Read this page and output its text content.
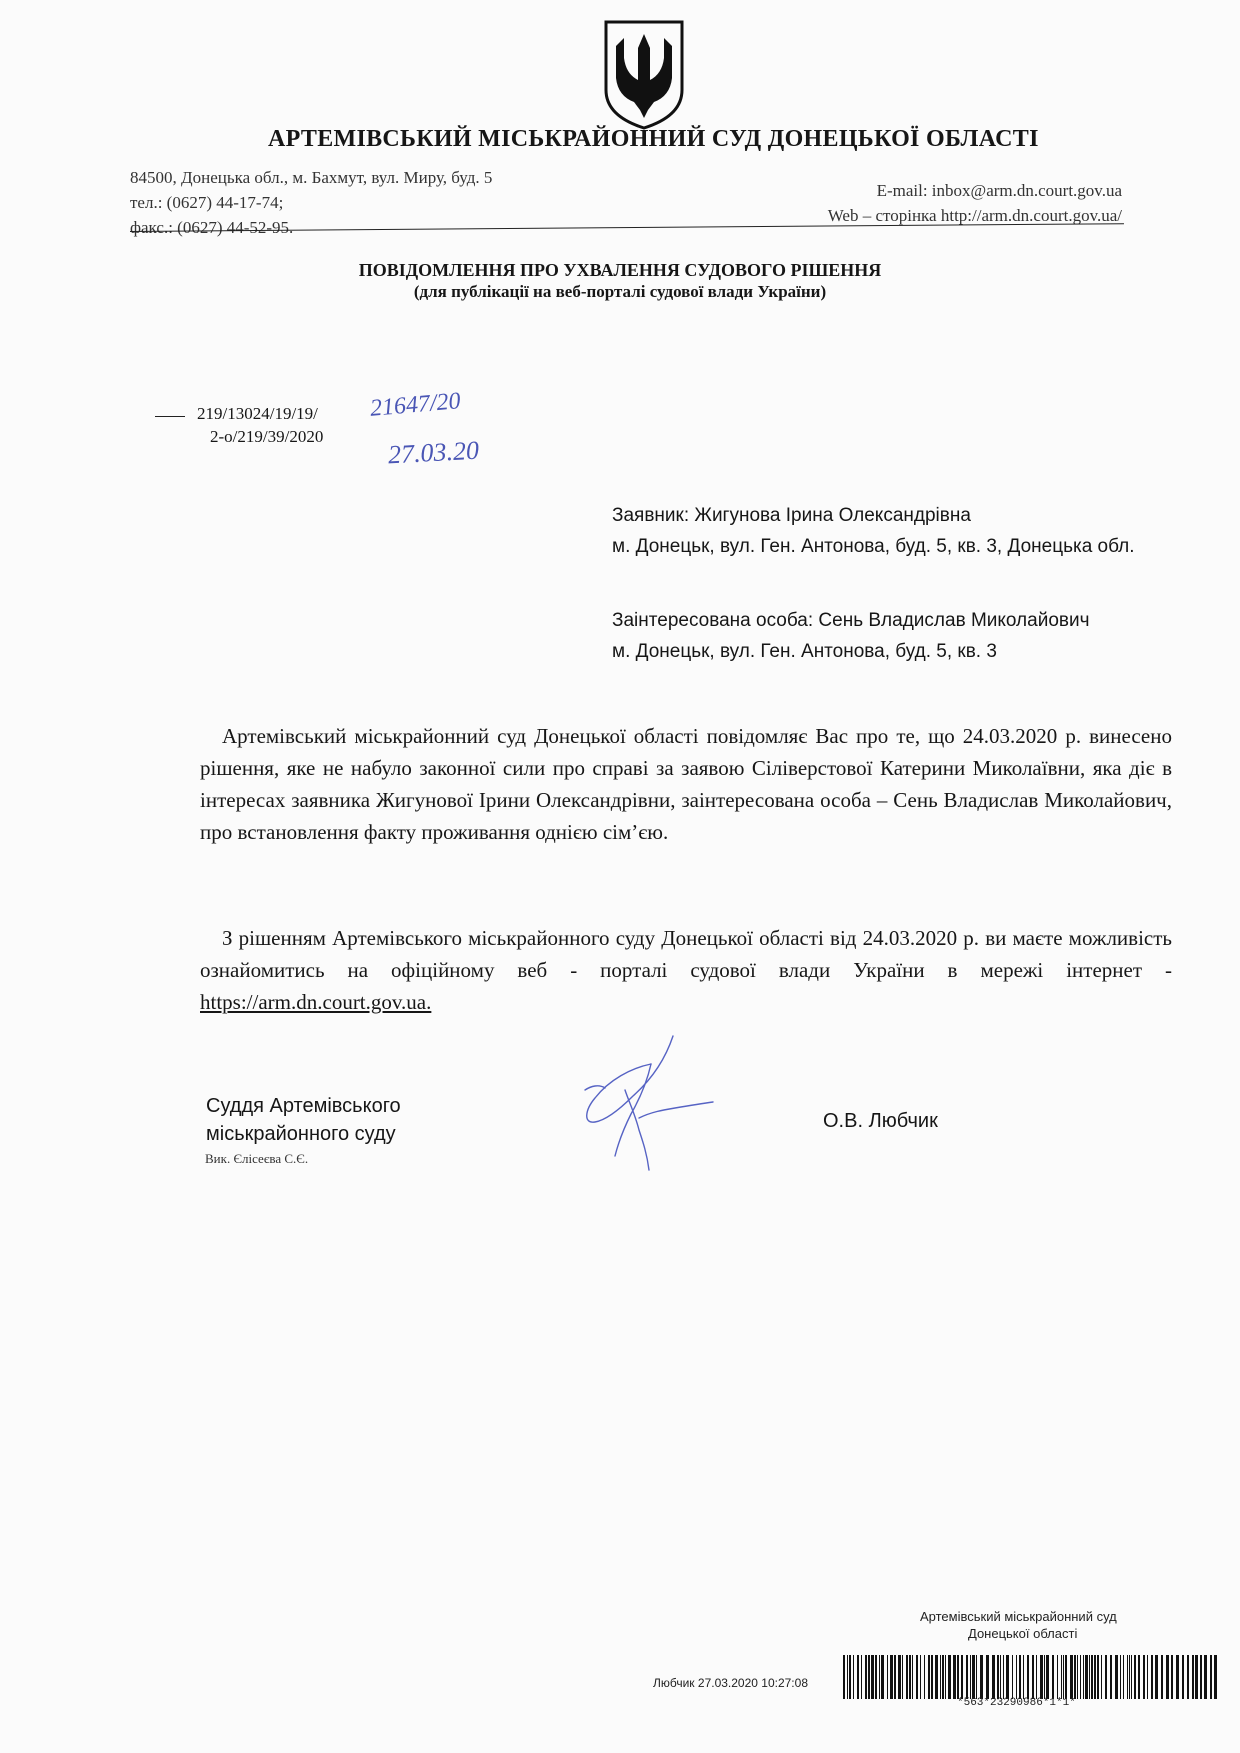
АРТЕМІВСЬКИЙ МІСЬКРАЙОННИЙ СУД ДОНЕЦЬКОЇ ОБЛАСТІ
84500, Донецька обл., м. Бахмут, вул. Миру, буд. 5
тел.: (0627) 44-17-74;
факс.: (0627) 44-52-95.
E-mail: inbox@arm.dn.court.gov.ua
Web – сторінка http://arm.dn.court.gov.ua/
ПОВІДОМЛЕННЯ ПРО УХВАЛЕННЯ СУДОВОГО РІШЕННЯ
(для публікації на веб-порталі судової влади України)
219/13024/19/19/
2-о/219/39/2020
21647/20
27.03.20
Заявник: Жигунова Ірина Олександрівна
м. Донецьк, вул. Ген. Антонова, буд. 5, кв. 3, Донецька обл.
Заінтересована особа: Сень Владислав Миколайович
м. Донецьк, вул. Ген. Антонова, буд. 5, кв. 3
Артемівський міськрайонний суд Донецької області повідомляє Вас про те, що 24.03.2020 р. винесено рішення, яке не набуло законної сили про справі за заявою Сіліверстової Катерини Миколаївни, яка діє в інтересах заявника Жигунової Ірини Олександрівни, заінтересована особа – Сень Владислав Миколайович, про встановлення факту проживання однією сім’єю.
З рішенням Артемівського міськрайонного суду Донецької області від 24.03.2020 р. ви маєте можливість ознайомитись на офіційному веб - порталі судової влади України в мережі інтернет - https://arm.dn.court.gov.ua.
Суддя Артемівського
міськрайонного суду
Вик. Єлісеєва С.Є.
О.В. Любчик
Артемівський міськрайонний суд
Донецької області
Любчик 27.03.2020 10:27:08
*563*23290986*1*1*
